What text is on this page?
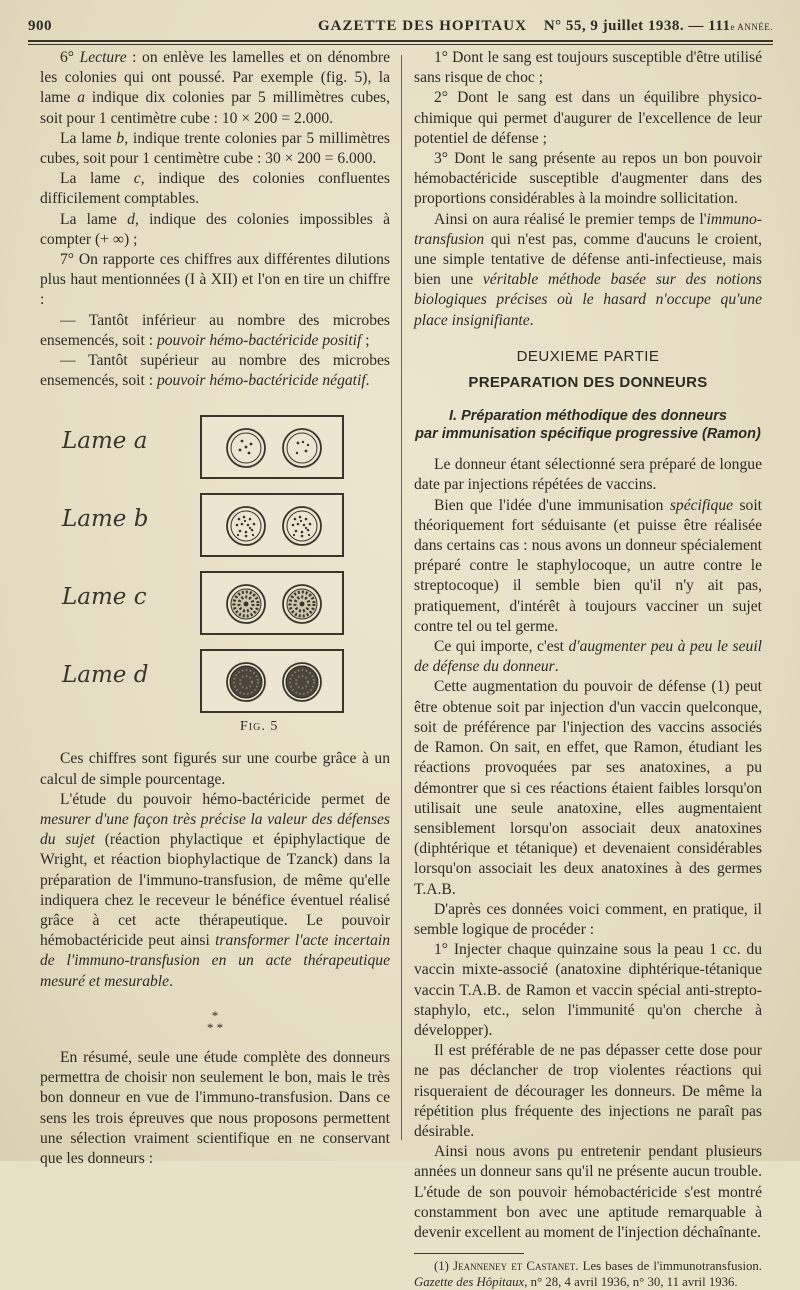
900	GAZETTE DES HOPITAUX N° 55, 9 juillet 1938. — 111e ANNÉE.

6° Lecture : on enlève les lamelles et on dénombre les colonies qui ont poussé. Par exemple (fig. 5), la lame a indique dix colonies par 5 millimètres cubes, soit pour 1 centimètre cube : 10 × 200 = 2.000.

La lame b, indique trente colonies par 5 millimètres cubes, soit pour 1 centimètre cube : 30 × 200 = 6.000.

La lame c, indique des colonies confluentes difficilement comptables.

La lame d, indique des colonies impossibles à compter (+ ∞) ;

7° On rapporte ces chiffres aux différentes dilutions plus haut mentionnées (I à XII) et l'on en tire un chiffre :

— Tantôt inférieur au nombre des microbes ensemencés, soit : pouvoir hémo-bactéricide positif ;

— Tantôt supérieur au nombre des microbes ensemencés, soit : pouvoir hémo-bactéricide négatif.

Lame a
Lame b
Lame c
Lame d
Fig. 5

Ces chiffres sont figurés sur une courbe grâce à un calcul de simple pourcentage.

L'étude du pouvoir hémo-bactéricide permet de mesurer d'une façon très précise la valeur des défenses du sujet (réaction phylactique et épiphylactique de Wright, et réaction biophylactique de Tzanck) dans la préparation de l'immuno-transfusion, de même qu'elle indiquera chez le receveur le bénéfice éventuel réalisé grâce à cet acte thérapeutique. Le pouvoir hémobactéricide peut ainsi transformer l'acte incertain de l'immuno-transfusion en un acte thérapeutique mesuré et mesurable.

*
* *

En résumé, seule une étude complète des donneurs permettra de choisir non seulement le bon, mais le très bon donneur en vue de l'immuno-transfusion. Dans ce sens les trois épreuves que nous proposons permettent une sélection vraiment scientifique en ne conservant que les donneurs :

1° Dont le sang est toujours susceptible d'être utilisé sans risque de choc ;

2° Dont le sang est dans un équilibre physico-chimique qui permet d'augurer de l'excellence de leur potentiel de défense ;

3° Dont le sang présente au repos un bon pouvoir hémobactéricide susceptible d'augmenter dans des proportions considérables à la moindre sollicitation.

Ainsi on aura réalisé le premier temps de l'immuno-transfusion qui n'est pas, comme d'aucuns le croient, une simple tentative de défense anti-infectieuse, mais bien une véritable méthode basée sur des notions biologiques précises où le hasard n'occupe qu'une place insignifiante.

DEUXIEME PARTIE
PREPARATION DES DONNEURS
I. Préparation méthodique des donneurs
par immunisation spécifique progressive (Ramon)

Le donneur étant sélectionné sera préparé de longue date par injections répétées de vaccins.

Bien que l'idée d'une immunisation spécifique soit théoriquement fort séduisante (et puisse être réalisée dans certains cas : nous avons un donneur spécialement préparé contre le staphylocoque, un autre contre le streptocoque) il semble bien qu'il n'y ait pas, pratiquement, d'intérêt à toujours vacciner un sujet contre tel ou tel germe.

Ce qui importe, c'est d'augmenter peu à peu le seuil de défense du donneur.

Cette augmentation du pouvoir de défense (1) peut être obtenue soit par injection d'un vaccin quelconque, soit de préférence par l'injection des vaccins associés de Ramon. On sait, en effet, que Ramon, étudiant les réactions provoquées par ses anatoxines, a pu démontrer que si ces réactions étaient faibles lorsqu'on utilisait une seule anatoxine, elles augmentaient sensiblement lorsqu'on associait deux anatoxines (diphtérique et tétanique) et devenaient considérables lorsqu'on associait les deux anatoxines à des germes T.A.B.

D'après ces données voici comment, en pratique, il semble logique de procéder :

1° Injecter chaque quinzaine sous la peau 1 cc. du vaccin mixte-associé (anatoxine diphtérique-tétanique vaccin T.A.B. de Ramon et vaccin spécial anti-strepto-staphylo, etc., selon l'immunité qu'on cherche à développer).

Il est préférable de ne pas dépasser cette dose pour ne pas déclancher de trop violentes réactions qui risqueraient de décourager les donneurs. De même la répétition plus fréquente des injections ne paraît pas désirable.

Ainsi nous avons pu entretenir pendant plusieurs années un donneur sans qu'il ne présente aucun trouble. L'étude de son pouvoir hémobactéricide s'est montré constamment bon avec une aptitude remarquable à devenir excellent au moment de l'injection déchaînante.

(1) Jeanneney et Castanet. Les bases de l'immunotransfusion. Gazette des Hôpitaux, n° 28, 4 avril 1936, n° 30, 11 avril 1936.
